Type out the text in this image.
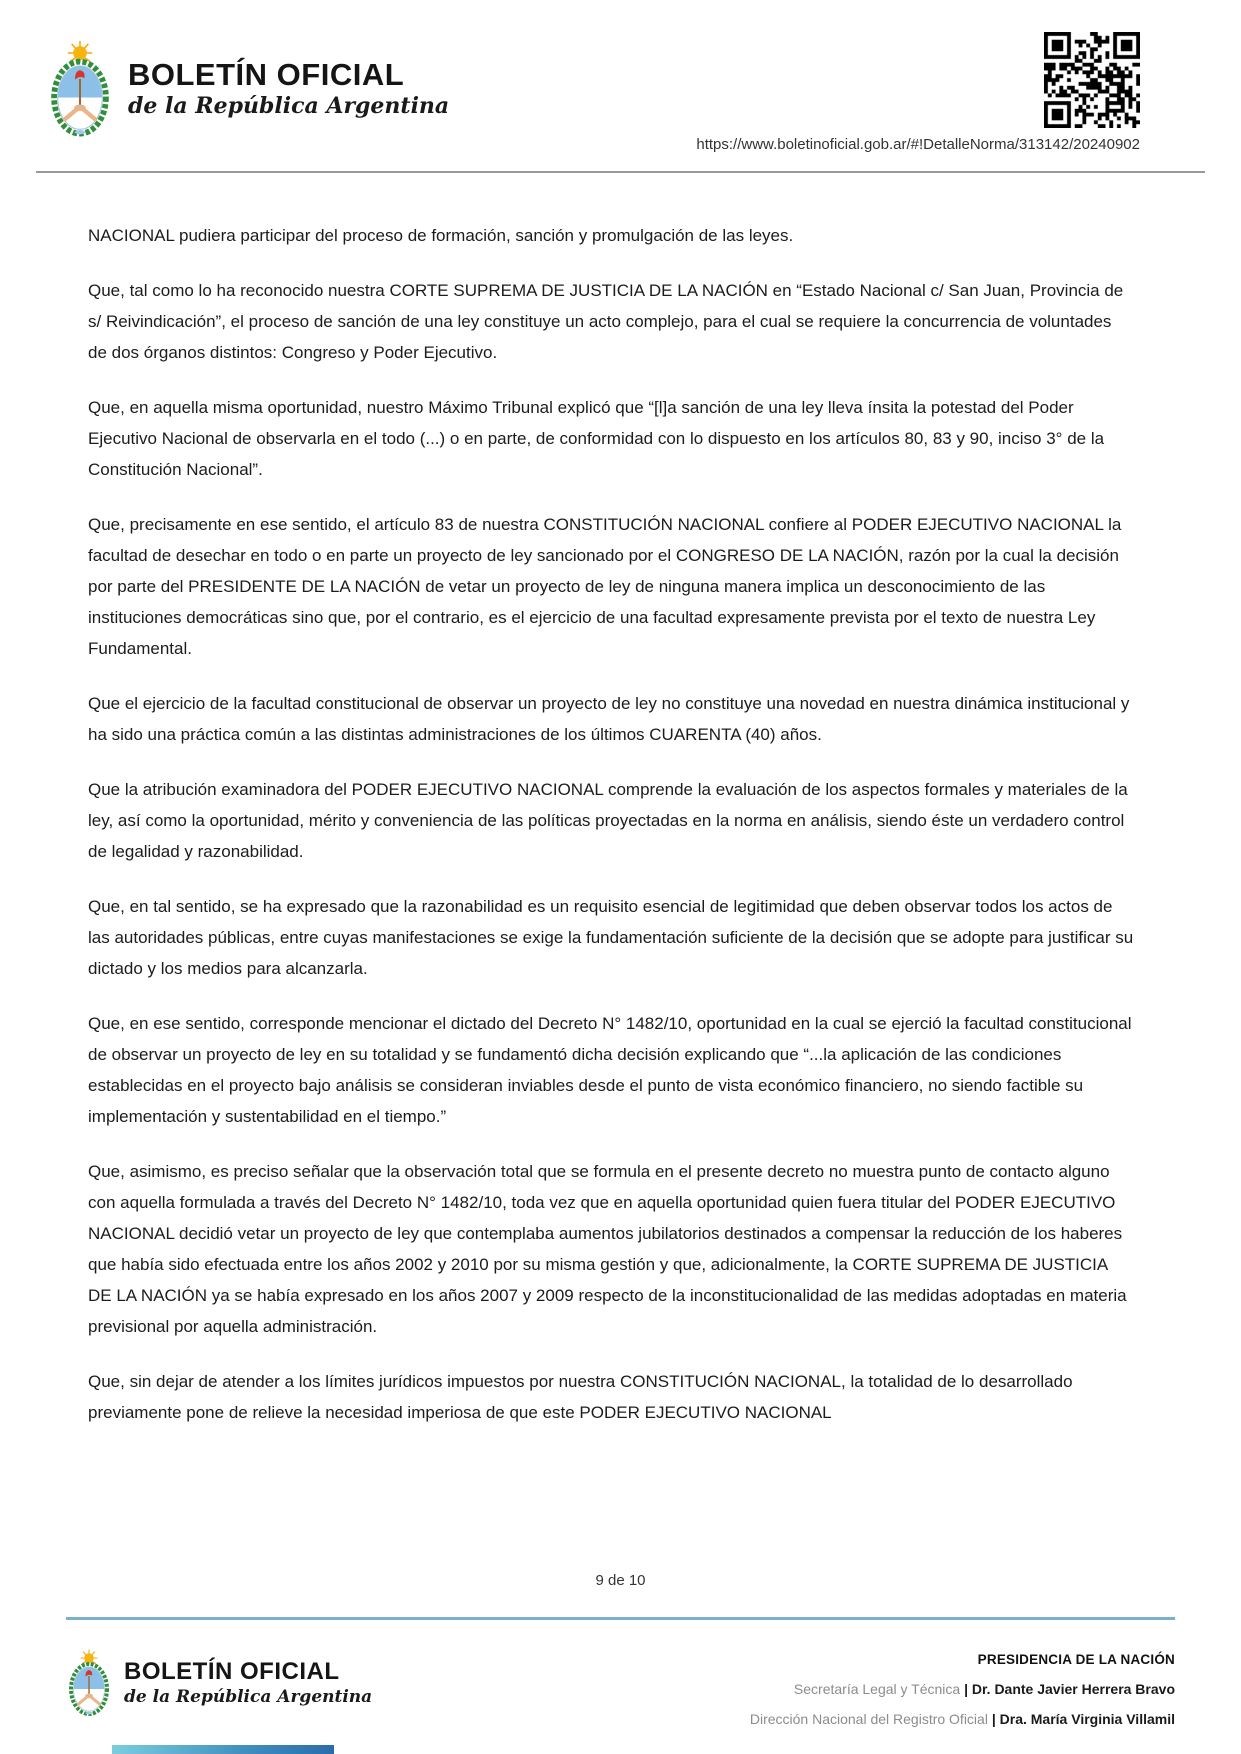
BOLETÍN OFICIAL
de la República Argentina
https://www.boletinoficial.gob.ar/#!DetalleNorma/313142/20240902

NACIONAL pudiera participar del proceso de formación, sanción y promulgación de las leyes.

Que, tal como lo ha reconocido nuestra CORTE SUPREMA DE JUSTICIA DE LA NACIÓN en “Estado Nacional c/ San Juan, Provincia de s/ Reivindicación”, el proceso de sanción de una ley constituye un acto complejo, para el cual se requiere la concurrencia de voluntades de dos órganos distintos: Congreso y Poder Ejecutivo.

Que, en aquella misma oportunidad, nuestro Máximo Tribunal explicó que “[l]a sanción de una ley lleva ínsita la potestad del Poder Ejecutivo Nacional de observarla en el todo (...) o en parte, de conformidad con lo dispuesto en los artículos 80, 83 y 90, inciso 3° de la Constitución Nacional”.

Que, precisamente en ese sentido, el artículo 83 de nuestra CONSTITUCIÓN NACIONAL confiere al PODER EJECUTIVO NACIONAL la facultad de desechar en todo o en parte un proyecto de ley sancionado por el CONGRESO DE LA NACIÓN, razón por la cual la decisión por parte del PRESIDENTE DE LA NACIÓN de vetar un proyecto de ley de ninguna manera implica un desconocimiento de las instituciones democráticas sino que, por el contrario, es el ejercicio de una facultad expresamente prevista por el texto de nuestra Ley Fundamental.

Que el ejercicio de la facultad constitucional de observar un proyecto de ley no constituye una novedad en nuestra dinámica institucional y ha sido una práctica común a las distintas administraciones de los últimos CUARENTA (40) años.

Que la atribución examinadora del PODER EJECUTIVO NACIONAL comprende la evaluación de los aspectos formales y materiales de la ley, así como la oportunidad, mérito y conveniencia de las políticas proyectadas en la norma en análisis, siendo éste un verdadero control de legalidad y razonabilidad.

Que, en tal sentido, se ha expresado que la razonabilidad es un requisito esencial de legitimidad que deben observar todos los actos de las autoridades públicas, entre cuyas manifestaciones se exige la fundamentación suficiente de la decisión que se adopte para justificar su dictado y los medios para alcanzarla.

Que, en ese sentido, corresponde mencionar el dictado del Decreto N° 1482/10, oportunidad en la cual se ejerció la facultad constitucional de observar un proyecto de ley en su totalidad y se fundamentó dicha decisión explicando que “...la aplicación de las condiciones establecidas en el proyecto bajo análisis se consideran inviables desde el punto de vista económico financiero, no siendo factible su implementación y sustentabilidad en el tiempo.”

Que, asimismo, es preciso señalar que la observación total que se formula en el presente decreto no muestra punto de contacto alguno con aquella formulada a través del Decreto N° 1482/10, toda vez que en aquella oportunidad quien fuera titular del PODER EJECUTIVO NACIONAL decidió vetar un proyecto de ley que contemplaba aumentos jubilatorios destinados a compensar la reducción de los haberes que había sido efectuada entre los años 2002 y 2010 por su misma gestión y que, adicionalmente, la CORTE SUPREMA DE JUSTICIA DE LA NACIÓN ya se había expresado en los años 2007 y 2009 respecto de la inconstitucionalidad de las medidas adoptadas en materia previsional por aquella administración.

Que, sin dejar de atender a los límites jurídicos impuestos por nuestra CONSTITUCIÓN NACIONAL, la totalidad de lo desarrollado previamente pone de relieve la necesidad imperiosa de que este PODER EJECUTIVO NACIONAL

9 de 10
BOLETÍN OFICIAL
de la República Argentina
PRESIDENCIA DE LA NACIÓN
Secretaría Legal y Técnica | Dr. Dante Javier Herrera Bravo
Dirección Nacional del Registro Oficial | Dra. María Virginia Villamil
